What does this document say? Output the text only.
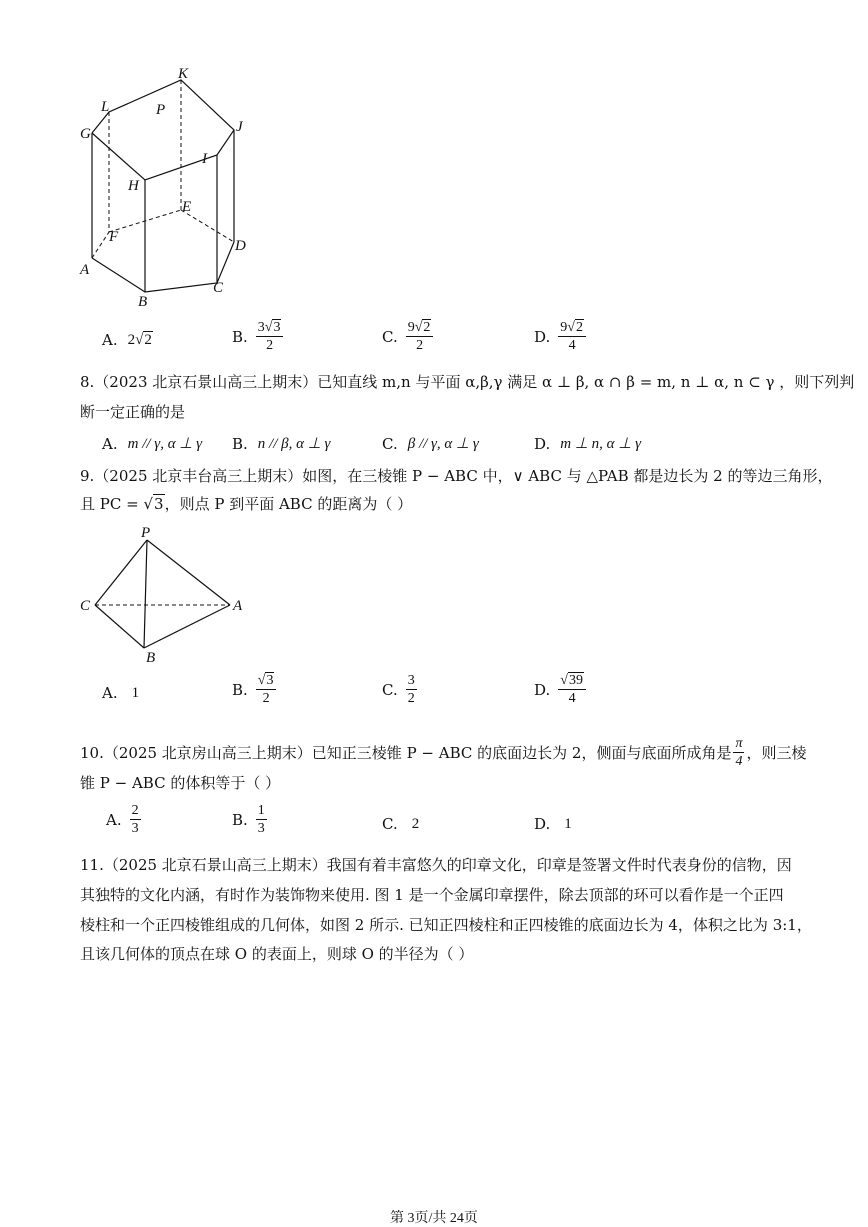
K
L	P
G	J
I
H
E
F
D
A
B
C
A. 2√2	B. $\frac{3√3}{2}$	C. $\frac{9√2}{2}$	D. $\frac{9√2}{4}$
8.（2023 北京石景山高三上期末）已知直线 m,n 与平面 α,β,γ 满足 α ⊥ β, α ∩ β = m, n ⊥ α, n ⊂ γ ，则下列判
断一定正确的是
A. m // γ, α ⊥ γ B. n // β, α ⊥ γ	C. β // γ, α ⊥ γ	D. m ⊥ n, α ⊥ γ
9.（2025 北京丰台高三上期末）如图，在三棱锥 P − ABC 中，∨ ABC 与 △PAB 都是边长为 2 的等边三角形，
且 PC = √3，则点 P 到平面 ABC 的距离为（ ）
P
C	A
B
A. 1	B. $\frac{√3}{2}$	C. $\frac{3}{2}$	D. $\frac{√39}{4}$
10.（2025 北京房山高三上期末）已知正三棱锥 P − ABC 的底面边长为 2，侧面与底面所成角是 $\frac{\pi}{4}$ ，则三棱
锥 P − ABC 的体积等于（ ）
A. $\frac{2}{3}$	B. $\frac{1}{3}$	C. 2	D. 1
11.（2025 北京石景山高三上期末）我国有着丰富悠久的印章文化，印章是签署文件时代表身份的信物，因
其独特的文化内涵，有时作为装饰物来使用. 图 1 是一个金属印章摆件，除去顶部的环可以看作是一个正四
棱柱和一个正四棱锥组成的几何体，如图 2 所示. 已知正四棱柱和正四棱锥的底面边长为 4，体积之比为 3:1，
且该几何体的顶点在球 O 的表面上，则球 O 的半径为（ ）
第 3页/共 24页
